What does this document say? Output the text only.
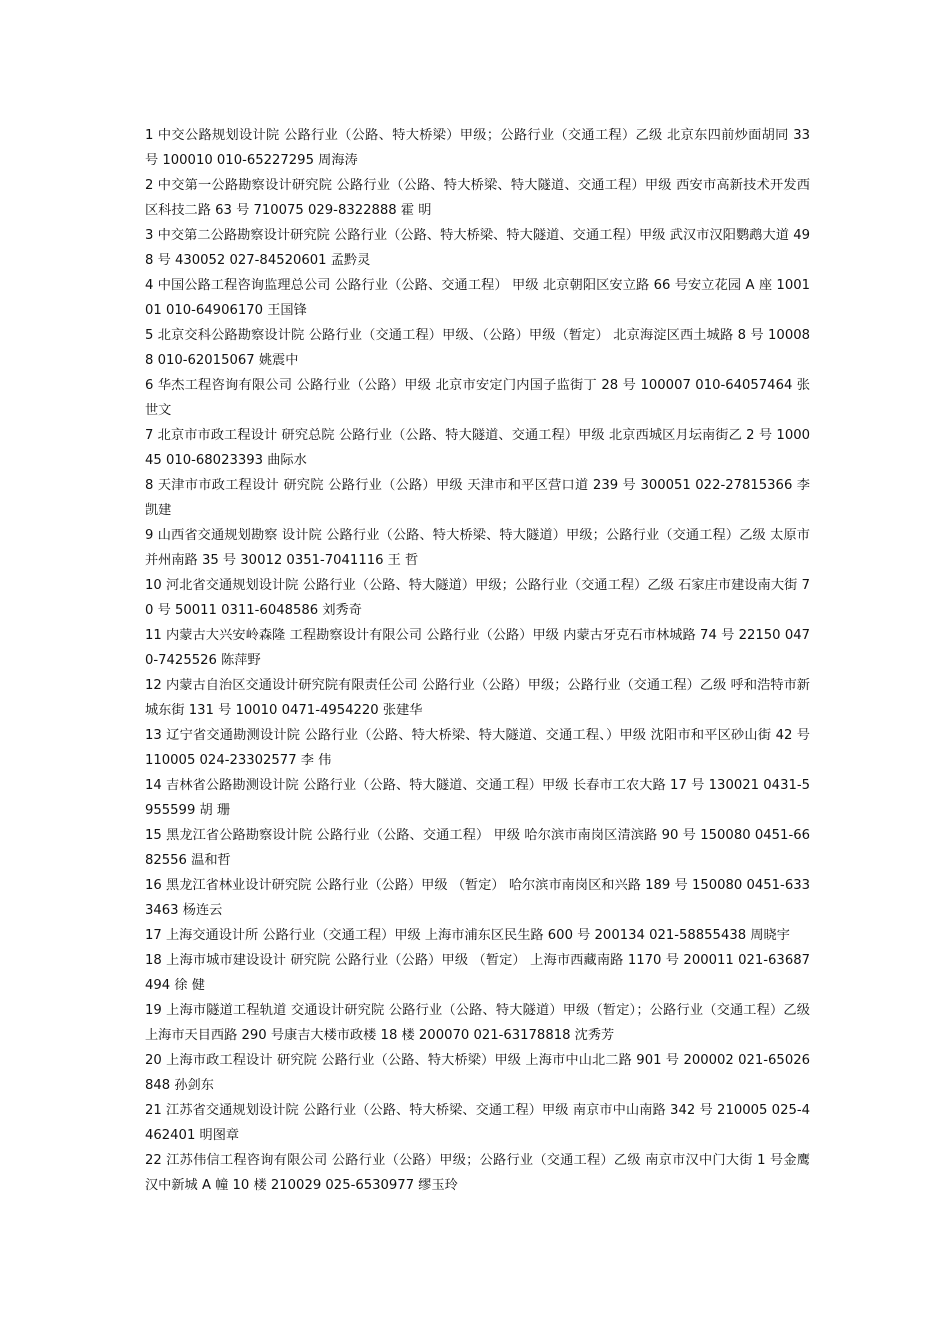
1 中交公路规划设计院 公路行业（公路、特大桥梁）甲级；公路行业（交通工程）乙级 北京东四前炒面胡同 33 号 100010 010-65227295 周海涛

2 中交第一公路勘察设计研究院 公路行业（公路、特大桥梁、特大隧道、交通工程）甲级 西安市高新技术开发西区科技二路 63 号 710075 029-8322888 霍 明

3 中交第二公路勘察设计研究院 公路行业（公路、特大桥梁、特大隧道、交通工程）甲级 武汉市汉阳鹦鹉大道 498 号 430052 027-84520601 孟黔灵

4 中国公路工程咨询监理总公司 公路行业（公路、交通工程） 甲级 北京朝阳区安立路 66 号安立花园 A 座 100101 010-64906170 王国锋

5 北京交科公路勘察设计院 公路行业（交通工程）甲级、（公路）甲级（暂定） 北京海淀区西土城路 8 号 100088 010-62015067 姚震中

6 华杰工程咨询有限公司 公路行业（公路）甲级 北京市安定门内国子监街丁 28 号 100007 010-64057464 张世文

7 北京市市政工程设计 研究总院 公路行业（公路、特大隧道、交通工程）甲级 北京西城区月坛南街乙 2 号 100045 010-68023393 曲际水

8 天津市市政工程设计 研究院 公路行业（公路）甲级 天津市和平区营口道 239 号 300051 022-27815366 李凯建

9 山西省交通规划勘察 设计院 公路行业（公路、特大桥梁、特大隧道）甲级；公路行业（交通工程）乙级 太原市并州南路 35 号 30012 0351-7041116 王 哲

10 河北省交通规划设计院 公路行业（公路、特大隧道）甲级；公路行业（交通工程）乙级 石家庄市建设南大街 70 号 50011 0311-6048586 刘秀奇

11 内蒙古大兴安岭森隆 工程勘察设计有限公司 公路行业（公路）甲级 内蒙古牙克石市林城路 74 号 22150 0470-7425526 陈萍野

12 内蒙古自治区交通设计研究院有限责任公司 公路行业（公路）甲级；公路行业（交通工程）乙级 呼和浩特市新城东街 131 号 10010 0471-4954220 张建华

13 辽宁省交通勘测设计院 公路行业（公路、特大桥梁、特大隧道、交通工程、）甲级 沈阳市和平区砂山街 42 号 110005 024-23302577 李 伟

14 吉林省公路勘测设计院 公路行业（公路、特大隧道、交通工程）甲级 长春市工农大路 17 号 130021 0431-5955599 胡 珊

15 黑龙江省公路勘察设计院 公路行业（公路、交通工程） 甲级 哈尔滨市南岗区清滨路 90 号 150080 0451-6682556 温和哲

16 黑龙江省林业设计研究院 公路行业（公路）甲级 （暂定） 哈尔滨市南岗区和兴路 189 号 150080 0451-6333463 杨连云

17 上海交通设计所 公路行业（交通工程）甲级 上海市浦东区民生路 600 号 200134 021-58855438 周晓宇

18 上海市城市建设设计 研究院 公路行业（公路）甲级 （暂定） 上海市西藏南路 1170 号 200011 021-63687494 徐 健

19 上海市隧道工程轨道 交通设计研究院 公路行业（公路、特大隧道）甲级（暂定）；公路行业（交通工程）乙级 上海市天目西路 290 号康吉大楼市政楼 18 楼 200070 021-63178818 沈秀芳

20 上海市政工程设计 研究院 公路行业（公路、特大桥梁）甲级 上海市中山北二路 901 号 200002 021-65026848 孙剑东

21 江苏省交通规划设计院 公路行业（公路、特大桥梁、交通工程）甲级 南京市中山南路 342 号 210005 025-4462401 明图章

22 江苏伟信工程咨询有限公司 公路行业（公路）甲级；公路行业（交通工程）乙级 南京市汉中门大街 1 号金鹰汉中新城 A 幢 10 楼 210029 025-6530977 缪玉玲
